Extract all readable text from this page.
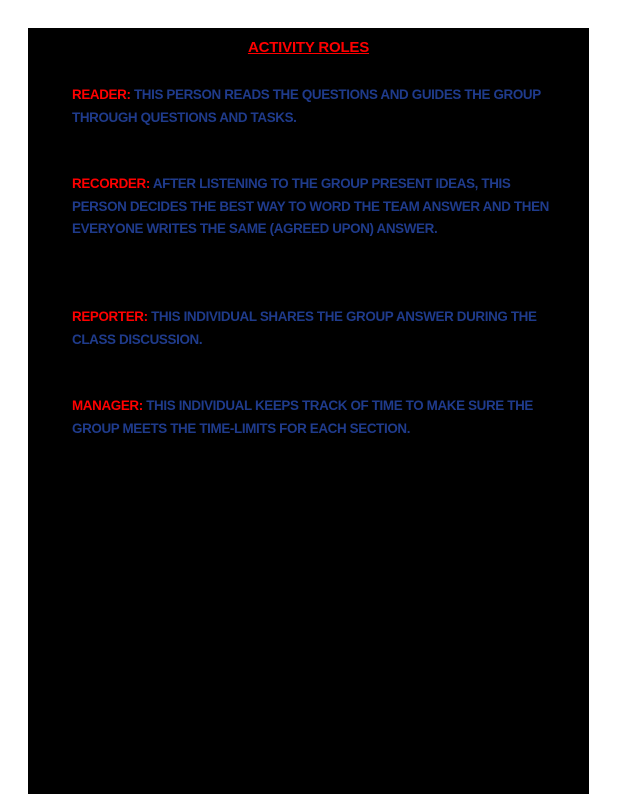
ACTIVITY ROLES

READER: THIS PERSON READS THE QUESTIONS AND GUIDES THE GROUP THROUGH QUESTIONS AND TASKS.

RECORDER: AFTER LISTENING TO THE GROUP PRESENT IDEAS, THIS PERSON DECIDES THE BEST WAY TO WORD THE TEAM ANSWER AND THEN EVERYONE WRITES THE SAME (AGREED UPON) ANSWER.

REPORTER: THIS INDIVIDUAL SHARES THE GROUP ANSWER DURING THE CLASS DISCUSSION.

MANAGER: THIS INDIVIDUAL KEEPS TRACK OF TIME TO MAKE SURE THE GROUP MEETS THE TIME-LIMITS FOR EACH SECTION.
